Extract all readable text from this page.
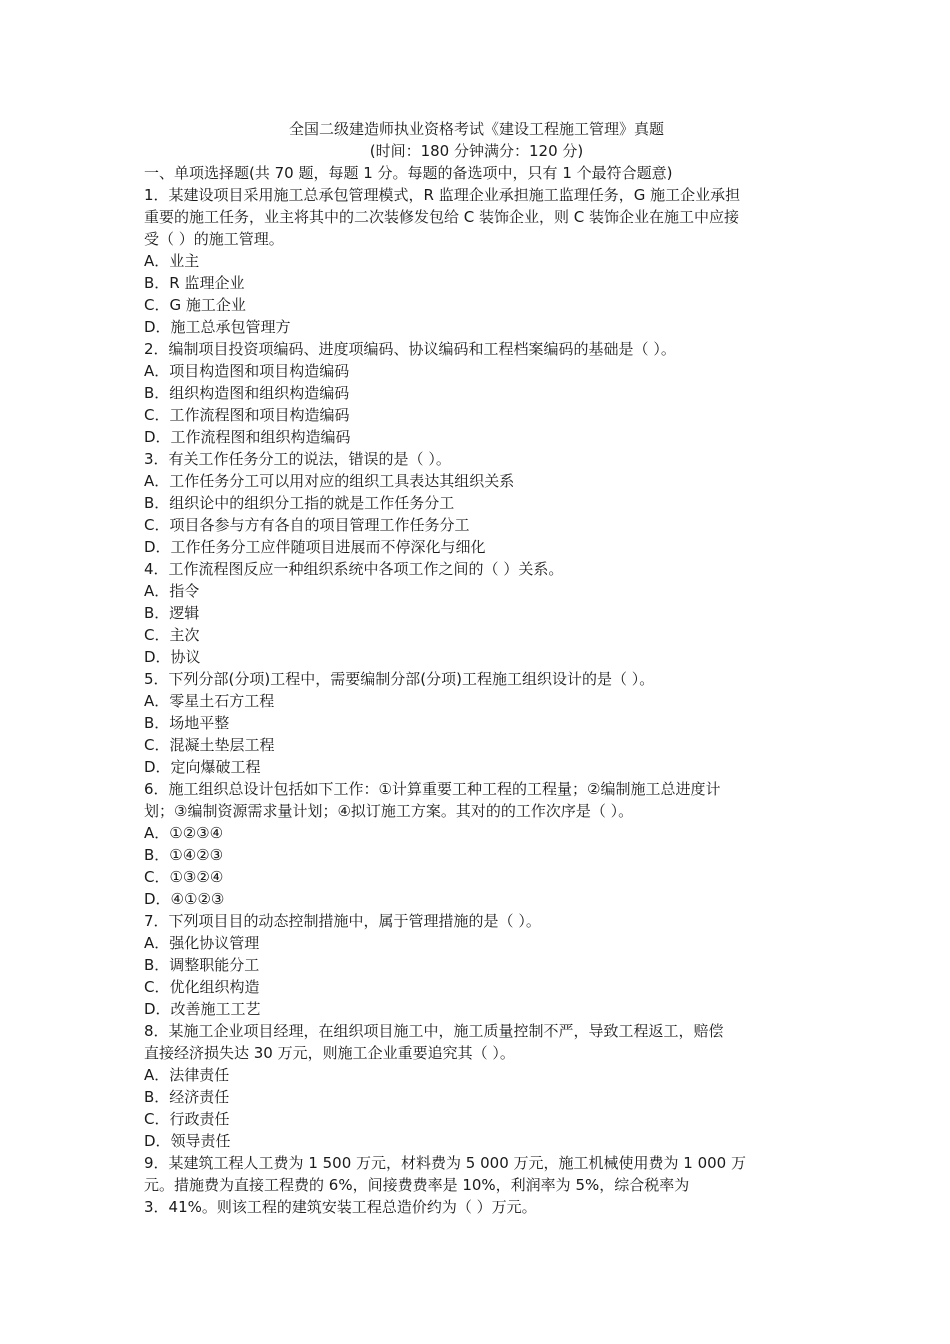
全国二级建造师执业资格考试《建设工程施工管理》真题
(时间：180 分钟满分：120 分)
一、单项选择题(共 70 题，每题 1 分。每题的备选项中，只有 1 个最符合题意)
1．某建设项目采用施工总承包管理模式，R 监理企业承担施工监理任务，G 施工企业承担
重要的施工任务，业主将其中的二次装修发包给 C 装饰企业，则 C 装饰企业在施工中应接
受（ ）的施工管理。
A．业主
B．R 监理企业
C．G 施工企业
D．施工总承包管理方
2．编制项目投资项编码、进度项编码、协议编码和工程档案编码的基础是（ ）。
A．项目构造图和项目构造编码
B．组织构造图和组织构造编码
C．工作流程图和项目构造编码
D．工作流程图和组织构造编码
3．有关工作任务分工的说法，错误的是（ ）。
A．工作任务分工可以用对应的组织工具表达其组织关系
B．组织论中的组织分工指的就是工作任务分工
C．项目各参与方有各自的项目管理工作任务分工
D．工作任务分工应伴随项目进展而不停深化与细化
4．工作流程图反应一种组织系统中各项工作之间的（ ）关系。
A．指令
B．逻辑
C．主次
D．协议
5．下列分部(分项)工程中，需要编制分部(分项)工程施工组织设计的是（ ）。
A．零星土石方工程
B．场地平整
C．混凝土垫层工程
D．定向爆破工程
6．施工组织总设计包括如下工作：①计算重要工种工程的工程量；②编制施工总进度计
划；③编制资源需求量计划；④拟订施工方案。其对的的工作次序是（ ）。
A．①②③④
B．①④②③
C．①③②④
D．④①②③
7．下列项目目的动态控制措施中，属于管理措施的是（ ）。
A．强化协议管理
B．调整职能分工
C．优化组织构造
D．改善施工工艺
8．某施工企业项目经理，在组织项目施工中，施工质量控制不严，导致工程返工，赔偿
直接经济损失达 30 万元，则施工企业重要追究其（ ）。
A．法律责任
B．经济责任
C．行政责任
D．领导责任
9．某建筑工程人工费为 1 500 万元，材料费为 5 000 万元，施工机械使用费为 1 000 万
元。措施费为直接工程费的 6%，间接费费率是 10%，利润率为 5%，综合税率为
3．41%。则该工程的建筑安装工程总造价约为（ ）万元。
